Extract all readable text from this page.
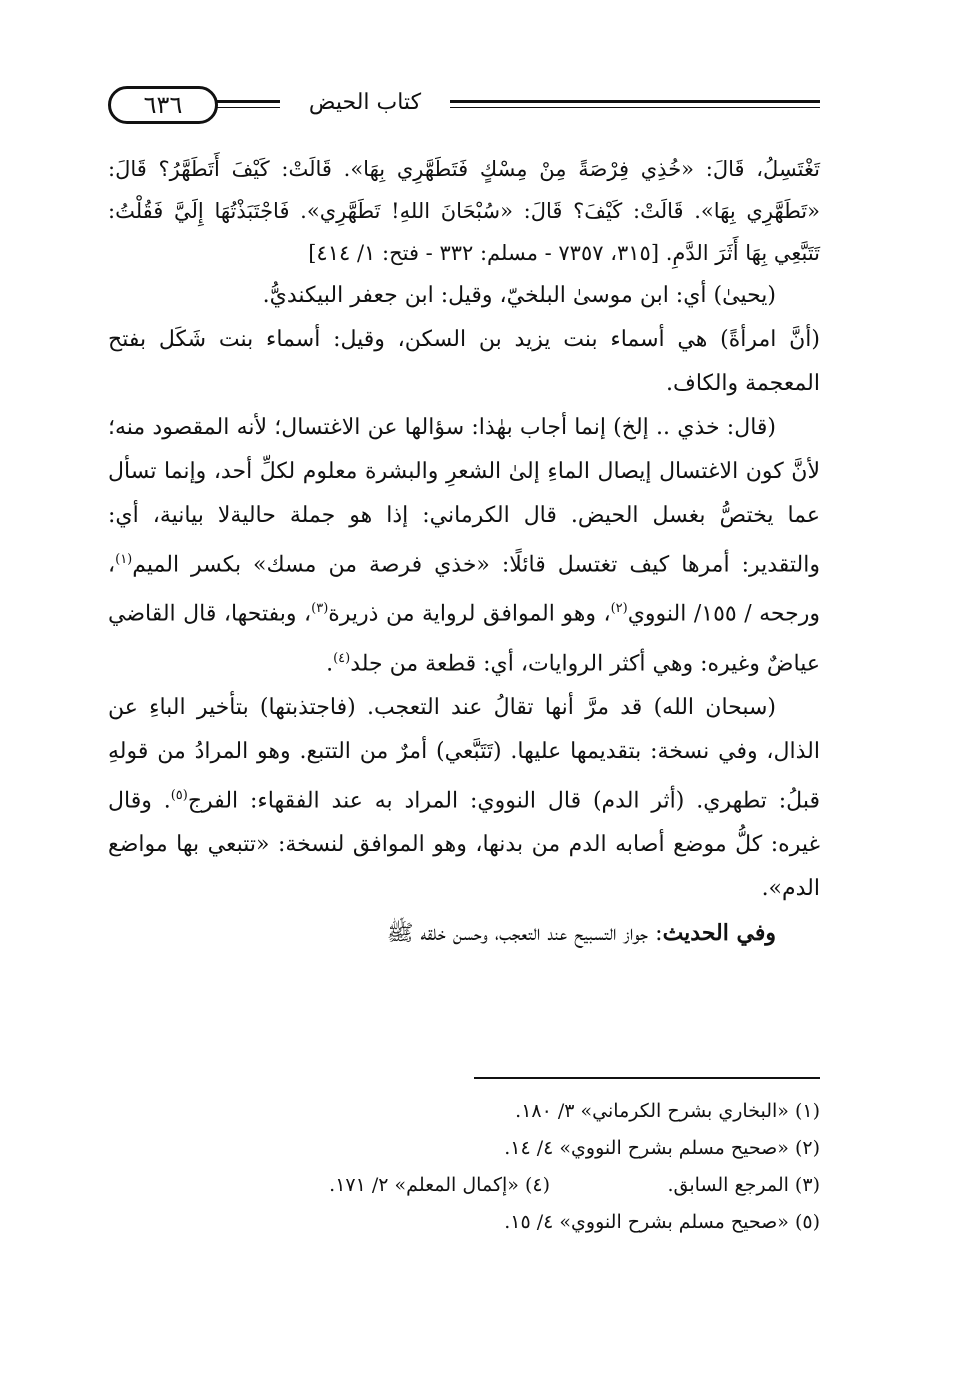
٦٣٦	كتاب الحيض

تَغْتَسِلُ، قَالَ: «خُذِي فِرْصَةً مِنْ مِسْكٍ فَتَطَهَّرِي بِهَا». قَالَتْ: كَيْفَ أَتَطَهَّرُ؟ قَالَ: «تَطَهَّرِي بِهَا». قَالَتْ: كَيْفَ؟ قَالَ: «سُبْحَانَ اللهِ! تَطَهَّرِي». فَاجْتَبَذْتُهَا إِلَيَّ فَقُلْتُ: تَتَبَّعِي بِهَا أَثَرَ الدَّمِ. [٣١٥، ٧٣٥٧ - مسلم: ٣٣٢ - فتح: ١/ ٤١٤]

(يحيىٰ) أي: ابن موسىٰ البلخيّ، وقيل: ابن جعفر البيكنديُّ.

(أنَّ امرأةً) هي أسماء بنت يزيد بن السكن، وقيل: أسماء بنت شَكَل بفتح المعجمة والكاف.

(قال: خذي .. إلخ) إنما أجاب بهٰذا: سؤالها عن الاغتسال؛ لأنه المقصود منه؛ لأنَّ كون الاغتسال إيصال الماءِ إلىٰ الشعرِ والبشرة معلوم لكلِّ أحد، وإنما تسأل عما يختصُّ بغسل الحيض. قال الكرماني: إذا هو جملة حاليةلا بيانية، أي: والتقدير: أمرها كيف تغتسل قائلًا: «خذي فرصة من مسك» بكسر الميم$^{(١)}$، ورجحه / ١٥٥/ النووي$^{(٢)}$، وهو الموافق لرواية من ذريرة$^{(٣)}$، وبفتحها، قال القاضي عياضٌ وغيره: وهي أكثر الروايات، أي: قطعة من جلد$^{(٤)}$.

(سبحان الله) قد مرَّ أنها تقالُ عند التعجب. (فاجتذبتها) بتأخير الباءِ عن الذال، وفي نسخة: بتقديمها عليها. (تَتَبَّعي) أمرٌ من التتبع. وهو المرادُ من قولهِ قبلُ: تطهري. (أثر الدم) قال النووي: المراد به عند الفقهاء: الفرج$^{(٥)}$. وقال غيره: كلُّ موضع أصابه الدم من بدنها، وهو الموافق لنسخة: «تتبعي بها مواضع الدم».

وفي الحديث: جواز التسبيح عند التعجب، وحسن خلقه ﷺ

(١) «البخاري بشرح الكرماني» ٣/ ١٨٠.

(٢) «صحيح مسلم بشرح النووي» ٤/ ١٤.

(٣) المرجع السابق.

(٤) «إكمال المعلم» ٢/ ١٧١.

(٥) «صحيح مسلم بشرح النووي» ٤/ ١٥.
